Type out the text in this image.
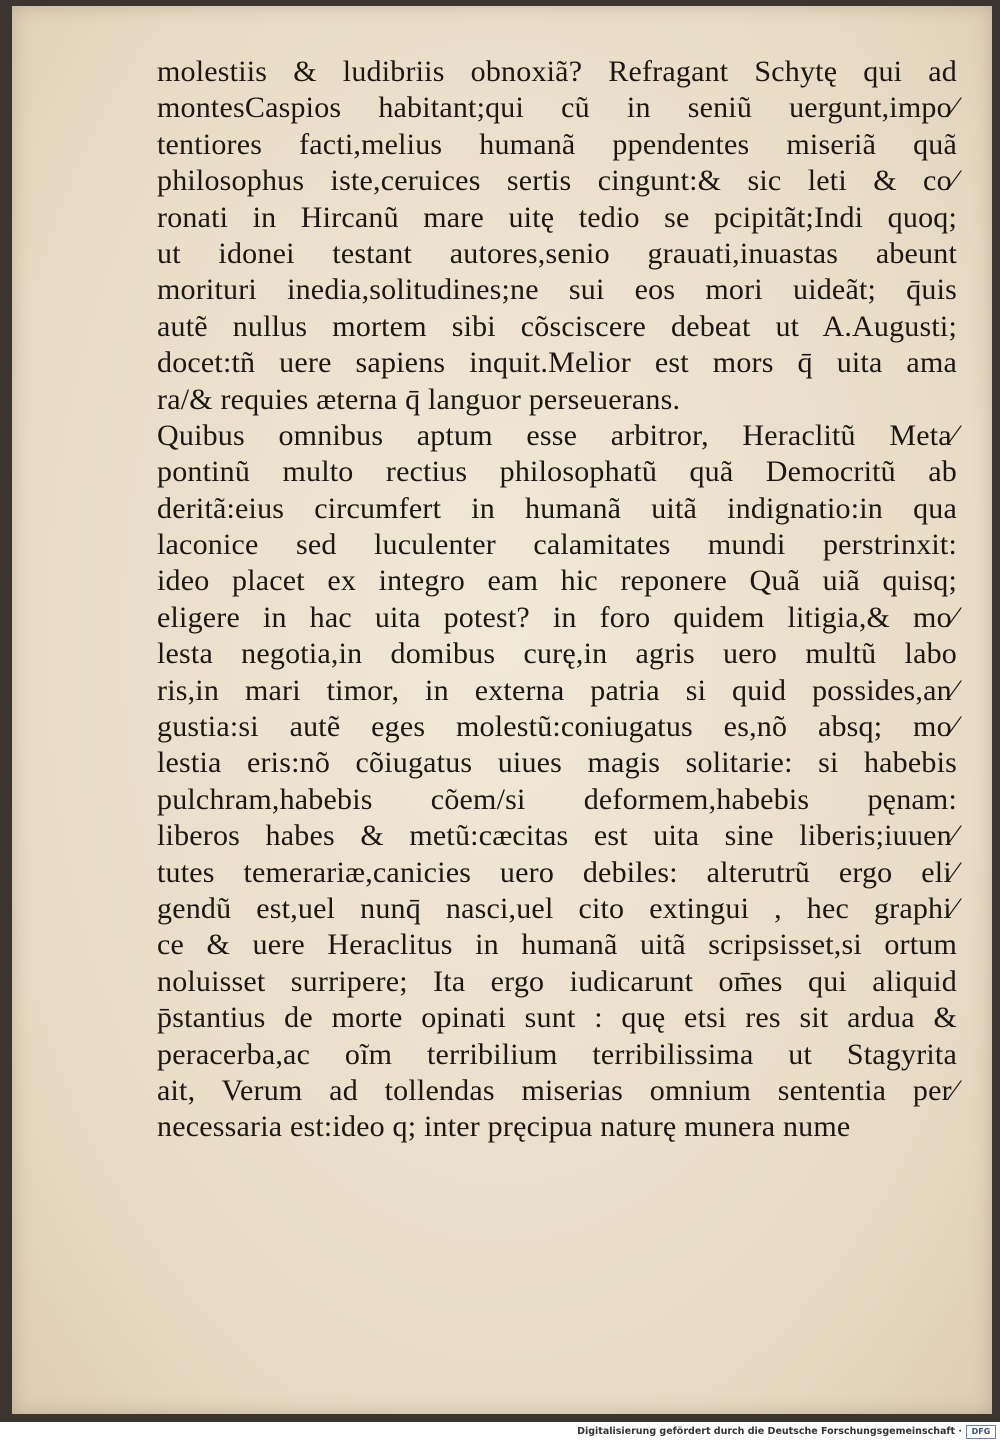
molestiis & ludibriis obnoxiã? Refragant Schytę qui ad
montesCaspios habitant;qui cũ in seniũ uergunt,impo⁄
tentiores facti,melius humanã ppendentes miseriã quã
philosophus iste,ceruices sertis cingunt:& sic leti & co⁄
ronati in Hircanũ mare uitę tedio se pcipitãt;Indi quoq;
ut idonei testant autores,senio grauati,inuastas abeunt
morituri inedia,solitudines;ne sui eos mori uideãt; q̄uis
autẽ nullus mortem sibi cõsciscere debeat ut A.Augusti;
docet:tñ uere sapiens inquit.Melior est mors q̄ uita ama
ra/& requies æterna q̄ languor perseuerans.
Quibus omnibus aptum esse arbitror, Heraclitũ Meta⁄
pontinũ multo rectius philosophatũ quã Democritũ ab
deritã:eius circumfert in humanã uitã indignatio:in qua
laconice sed luculenter calamitates mundi perstrinxit:
ideo placet ex integro eam hic reponere Quã uiã quisq;
eligere in hac uita potest? in foro quidem litigia,& mo⁄
lesta negotia,in domibus curę,in agris uero multũ labo
ris,in mari timor, in externa patria si quid possides,an⁄
gustia:si autẽ eges molestũ:coniugatus es,nõ absq; mo⁄
lestia eris:nõ cõiugatus uiues magis solitarie: si habebis
pulchram,habebis cõem/si deformem,habebis pęnam:
liberos habes & metũ:cæcitas est uita sine liberis;iuuen⁄
tutes temerariæ,canicies uero debiles: alterutrũ ergo eli⁄
gendũ est,uel nunq̄ nasci,uel cito extingui , hec graphi⁄
ce & uere Heraclitus in humanã uitã scripsisset,si ortum
noluisset surripere; Ita ergo iudicarunt om̄es qui aliquid
p̄stantius de morte opinati sunt : quę etsi res sit ardua &
peracerba,ac oĩm terribilium terribilissima ut Stagyrita
ait, Verum ad tollendas miserias omnium sententia per⁄
necessaria est:ideo q; inter pręcipua naturę munera nume
Digitalisierung gefördert durch die Deutsche Forschungsgemeinschaft ·	DFG
